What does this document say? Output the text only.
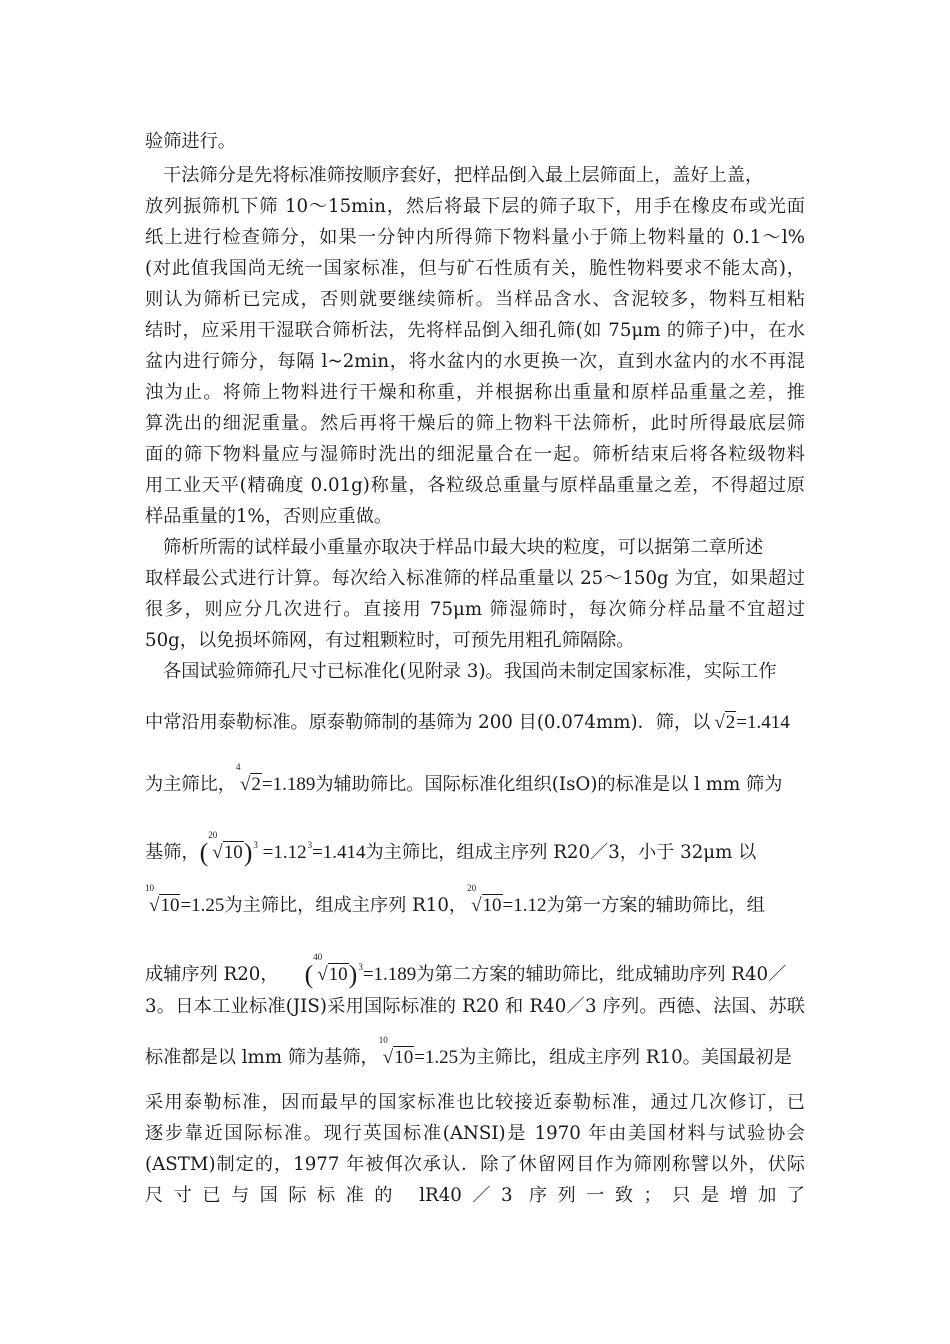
验筛进行。
干法筛分是先将标准筛按顺序套好，把样品倒入最上层筛面上，盖好上盖，
放列振筛机下筛 10～15min，然后将最下层的筛子取下，用手在橡皮布或光面
纸上进行检查筛分，如果一分钟内所得筛下物料量小于筛上物料量的 0.1～l%
(对此值我国尚无统一国家标准，但与矿石性质有关，脆性物料要求不能太高)，
则认为筛析已完成，否则就要继续筛析。当样品含水、含泥较多，物料互相粘
结时，应采用干湿联合筛析法，先将样品倒入细孔筛(如 75μm 的筛子)中，在水
盆内进行筛分，每隔 l~2min，将水盆内的水更换一次，直到水盆内的水不再混
浊为止。将筛上物料进行干燥和称重，并根据称出重量和原样品重量之差，推
算洗出的细泥重量。然后再将干燥后的筛上物料干法筛析，此时所得最底层筛
面的筛下物料量应与湿筛时洗出的细泥量合在一起。筛析结束后将各粒级物料
用工业天平(精确度 0.01g)称量，各粒级总重量与原样晶重量之差，不得超过原
样品重量的1%，否则应重做。
筛析所需的试样最小重量亦取决于样品巾最大块的粒度，可以据第二章所述
取样最公式进行计算。每次给入标准筛的样品重量以 25～150g 为宜，如果超过
很多，则应分几次进行。直接用 75μm 筛湿筛时，每次筛分样品量不宜超过
50g，以免损坏筛网，有过粗颗粒时，可预先用粗孔筛隔除。
各国试验筛筛孔尺寸已标准化(见附录 3)。我国尚未制定国家标准，实际工作
中常沿用泰勒标准。原泰勒筛制的基筛为 200 目(0.074mm)．筛，以 √2=1.414
为主筛比，
4
√2=1.189为辅助筛比。国际标准化组织(IsO)的标准是以 l mm 筛为
基筛，(
20
$√10)^3 =1.12^3=1.414$为主筛比，组成主序列 R20／3，小于 32μm 以
10
√10=1.25为主筛比，组成主序列 R10，
20
√10=1.12为第一方案的辅助筛比，组
成辅序列 R20， (
40
√10)$^3$=1.189为第二方案的辅助筛比，纰成辅助序列 R40／
3。日本工业标准(JIS)采用国际标准的 R20 和 R40／3 序列。西德、法国、苏联
标准都是以 lmm 筛为基筛，
10
√10=1.25为主筛比，组成主序列 R10。美国最初是
采用泰勒标准，因而最早的国家标准也比较接近泰勒标准，通过几次修订，已
逐步靠近国际标准。现行英国标准(ANSI)是 1970 年由美国材料与试验协会
(ASTM)制定的，1977 年被佴次承认．除了休留网目作为筛刚称譬以外，伏际
尺寸已与国际标准的 lR40／3 序列一致；只是增加了
